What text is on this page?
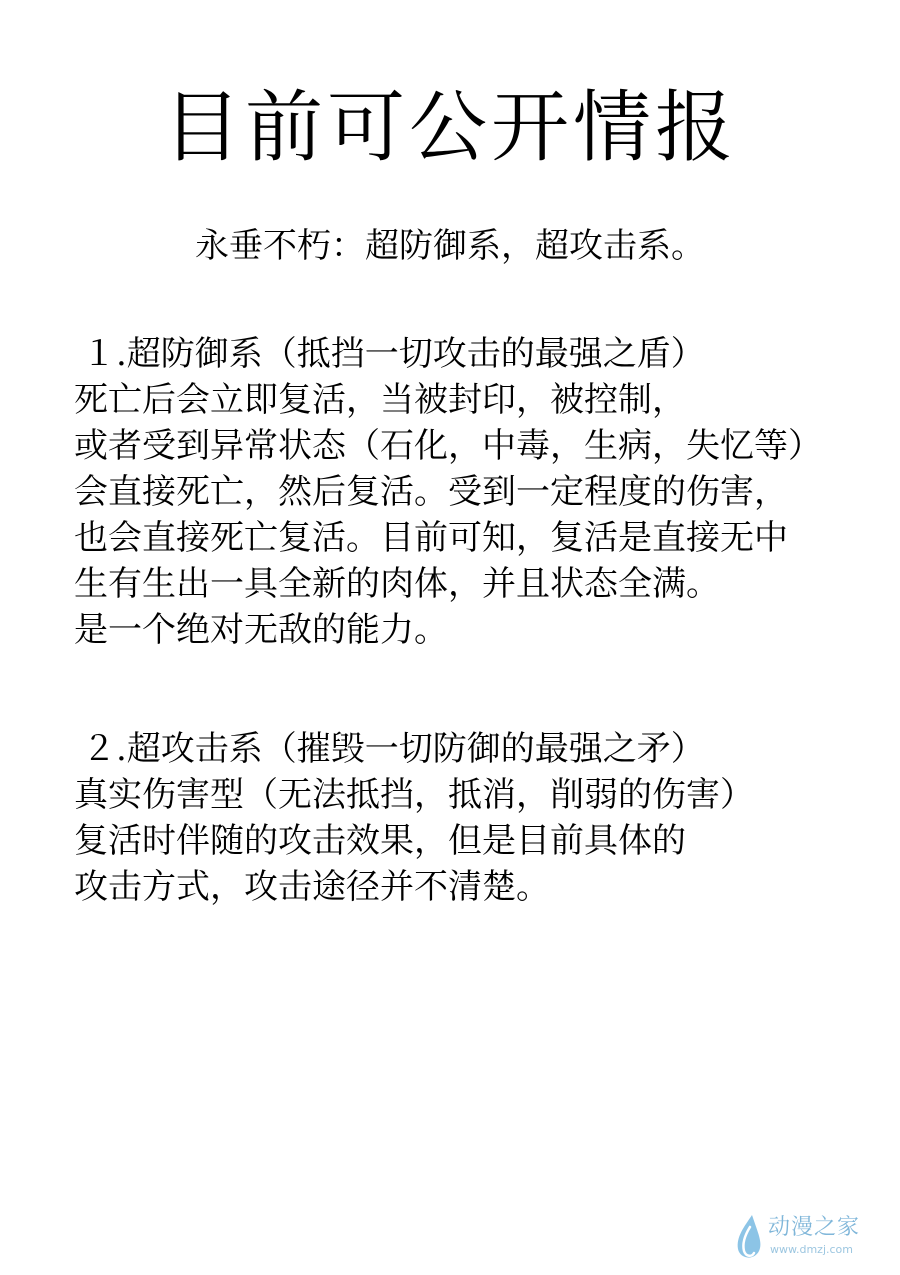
目前可公开情报
永垂不朽：超防御系，超攻击系。
１.超防御系（抵挡一切攻击的最强之盾）
死亡后会立即复活，当被封印，被控制，
或者受到异常状态（石化，中毒，生病，失忆等）
会直接死亡，然后复活。受到一定程度的伤害，
也会直接死亡复活。目前可知，复活是直接无中
生有生出一具全新的肉体，并且状态全满。
是一个绝对无敌的能力。
２.超攻击系（摧毁一切防御的最强之矛）
真实伤害型（无法抵挡，抵消，削弱的伤害）
复活时伴随的攻击效果，但是目前具体的
攻击方式，攻击途径并不清楚。
动漫之家
www.dmzj.com
